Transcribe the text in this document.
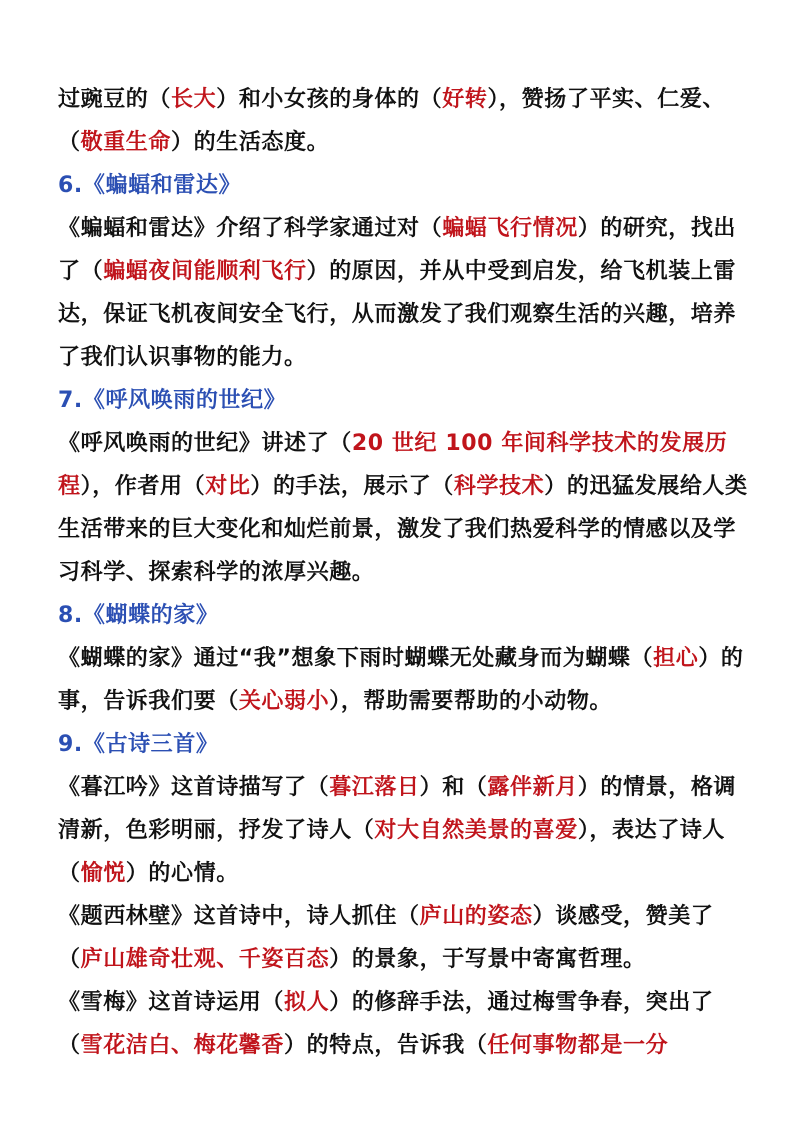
过豌豆的（长大）和小女孩的身体的（好转），赞扬了平实、仁爱、（敬重生命）的生活态度。

6.《蝙蝠和雷达》

《蝙蝠和雷达》介绍了科学家通过对（蝙蝠飞行情况）的研究，找出了（蝙蝠夜间能顺利飞行）的原因，并从中受到启发，给飞机装上雷达，保证飞机夜间安全飞行，从而激发了我们观察生活的兴趣，培养了我们认识事物的能力。

7.《呼风唤雨的世纪》

《呼风唤雨的世纪》讲述了（20 世纪 100 年间科学技术的发展历程），作者用（对比）的手法，展示了（科学技术）的迅猛发展给人类生活带来的巨大变化和灿烂前景，激发了我们热爱科学的情感以及学习科学、探索科学的浓厚兴趣。

8.《蝴蝶的家》

《蝴蝶的家》通过“我”想象下雨时蝴蝶无处藏身而为蝴蝶（担心）的事，告诉我们要（关心弱小），帮助需要帮助的小动物。

9.《古诗三首》

《暮江吟》这首诗描写了（暮江落日）和（露伴新月）的情景，格调清新，色彩明丽，抒发了诗人（对大自然美景的喜爱），表达了诗人（愉悦）的心情。

《题西林壁》这首诗中，诗人抓住（庐山的姿态）谈感受，赞美了（庐山雄奇壮观、千姿百态）的景象，于写景中寄寓哲理。

《雪梅》这首诗运用（拟人）的修辞手法，通过梅雪争春，突出了（雪花洁白、梅花馨香）的特点，告诉我（任何事物都是一分
